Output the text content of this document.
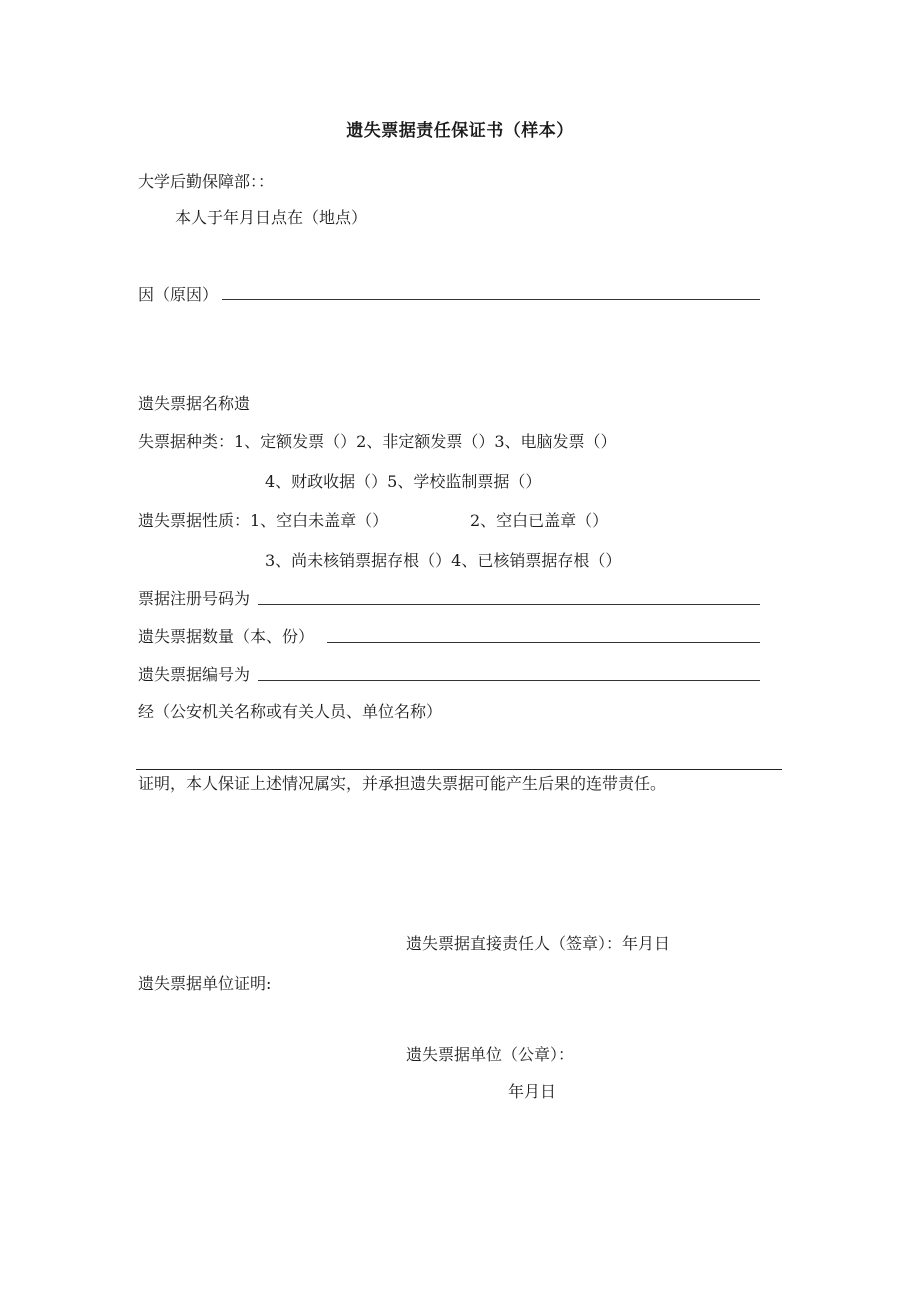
遗失票据责任保证书（样本）
大学后勤保障部：：
本人于年月日点在（地点）
因（原因）
遗失票据名称遗
失票据种类：1、定额发票（）2、非定额发票（）3、电脑发票（）
4、财政收据（）5、学校监制票据（）
遗失票据性质：1、空白未盖章（）	2、空白已盖章（）
3、尚未核销票据存根（）4、已核销票据存根（）
票据注册号码为
遗失票据数量（本、份）
遗失票据编号为
经（公安机关名称或有关人员、单位名称）
证明，本人保证上述情况属实，并承担遗失票据可能产生后果的连带责任。
遗失票据直接责任人（签章）：年月日
遗失票据单位证明:
遗失票据单位（公章）：
年月日
